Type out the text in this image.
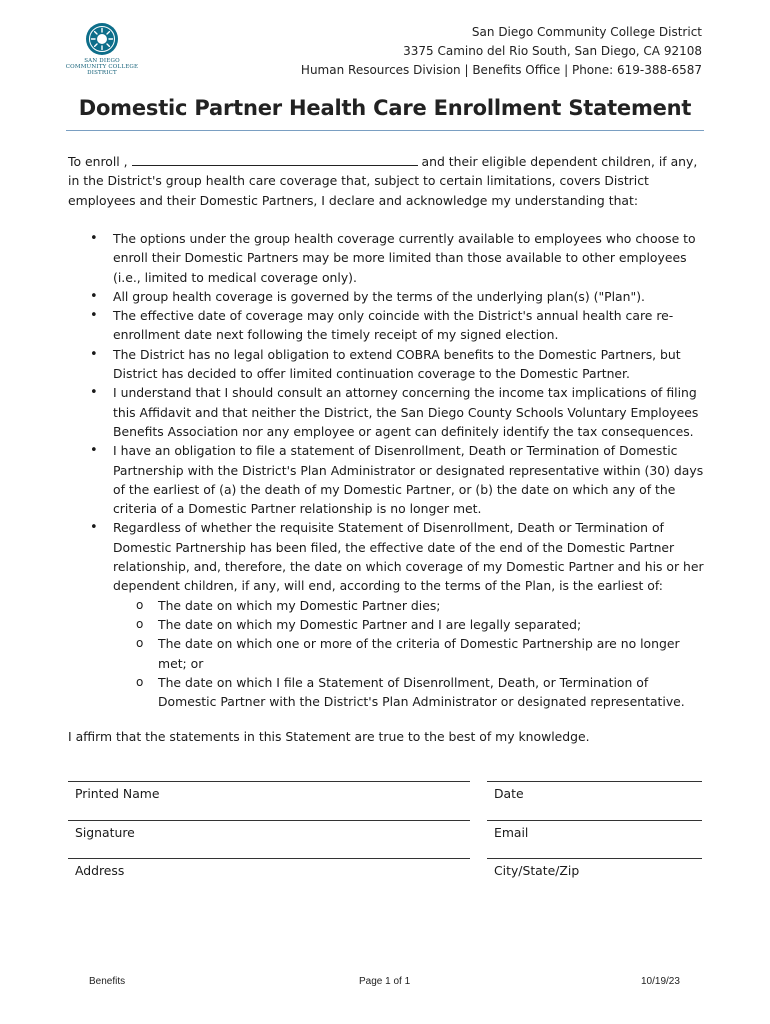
SAN DIEGO
COMMUNITY COLLEGE
DISTRICT
San Diego Community College District
3375 Camino del Rio South, San Diego, CA 92108
Human Resources Division | Benefits Office | Phone: 619-388-6587
Domestic Partner Health Care Enrollment Statement
To enroll ,	and their eligible dependent children, if any, in the District's group health care coverage that, subject to certain limitations, covers District employees and their Domestic Partners, I declare and acknowledge my understanding that:
• The options under the group health coverage currently available to employees who choose to enroll their Domestic Partners may be more limited than those available to other employees (i.e., limited to medical coverage only).
• All group health coverage is governed by the terms of the underlying plan(s) ("Plan").
• The effective date of coverage may only coincide with the District's annual health care re-enrollment date next following the timely receipt of my signed election.
• The District has no legal obligation to extend COBRA benefits to the Domestic Partners, but District has decided to offer limited continuation coverage to the Domestic Partner.
• I understand that I should consult an attorney concerning the income tax implications of filing this Affidavit and that neither the District, the San Diego County Schools Voluntary Employees Benefits Association nor any employee or agent can definitely identify the tax consequences.
• I have an obligation to file a statement of Disenrollment, Death or Termination of Domestic Partnership with the District's Plan Administrator or designated representative within (30) days of the earliest of (a) the death of my Domestic Partner, or (b) the date on which any of the criteria of a Domestic Partner relationship is no longer met.
• Regardless of whether the requisite Statement of Disenrollment, Death or Termination of Domestic Partnership has been filed, the effective date of the end of the Domestic Partner relationship, and, therefore, the date on which coverage of my Domestic Partner and his or her dependent children, if any, will end, according to the terms of the Plan, is the earliest of:
o The date on which my Domestic Partner dies;
o The date on which my Domestic Partner and I are legally separated;
o The date on which one or more of the criteria of Domestic Partnership are no longer met; or
o The date on which I file a Statement of Disenrollment, Death, or Termination of Domestic Partner with the District's Plan Administrator or designated representative.
I affirm that the statements in this Statement are true to the best of my knowledge.
Printed Name	Date
Signature	Email
Address	City/State/Zip
Benefits	Page 1 of 1	10/19/23
